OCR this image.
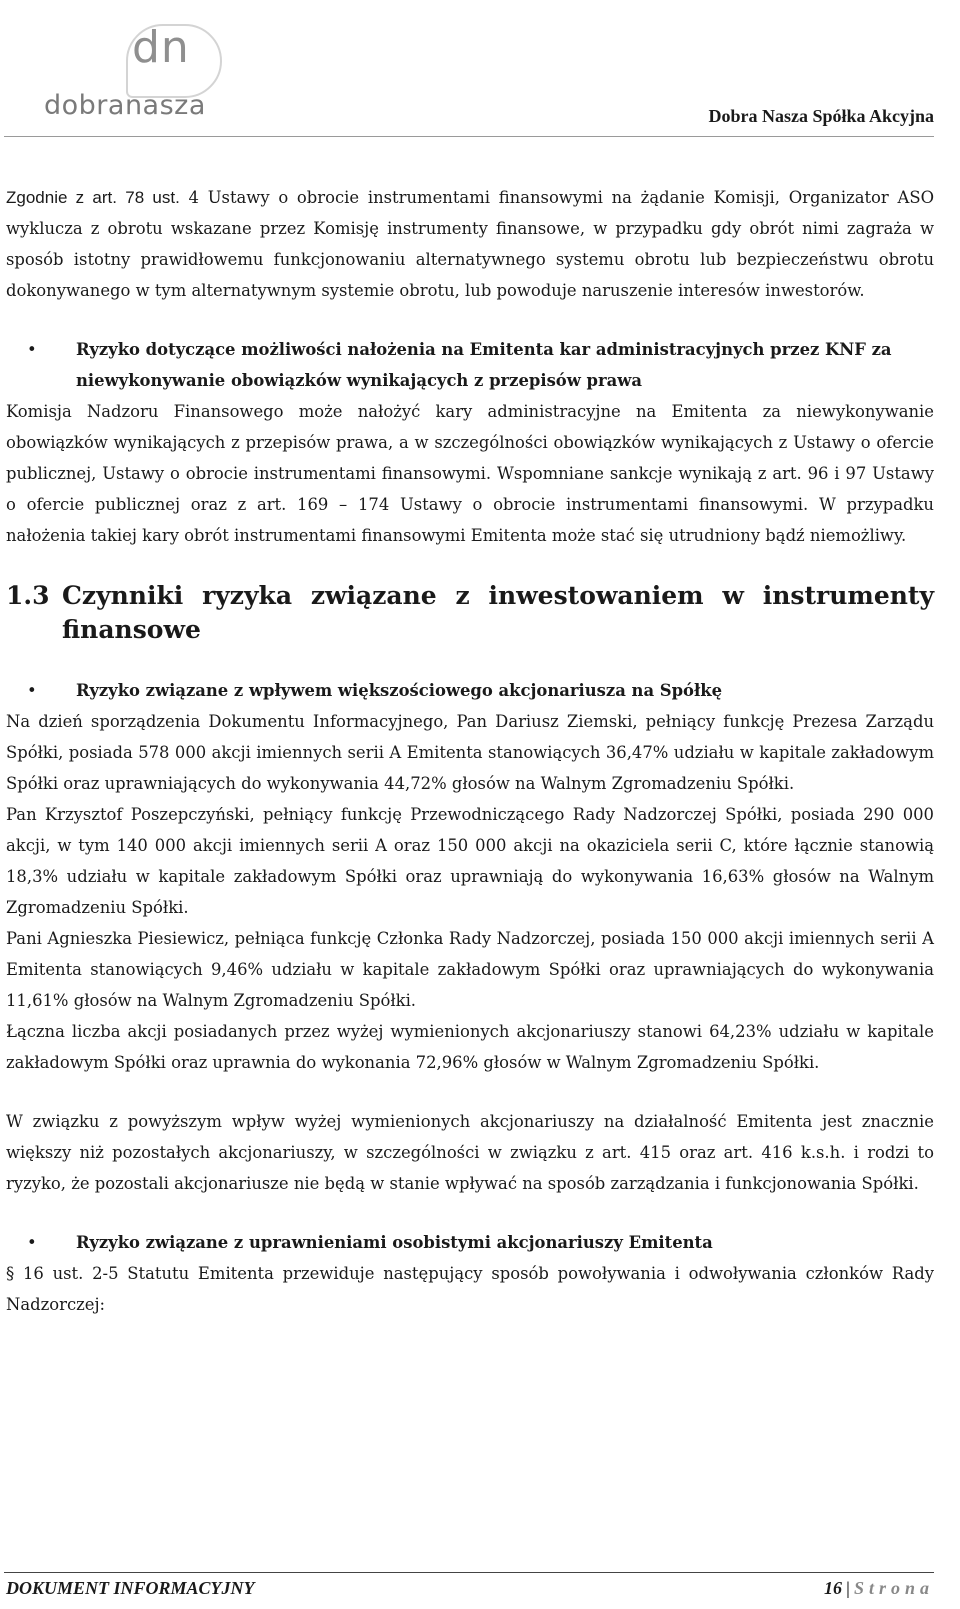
dn
dobranasza	Dobra Nasza Spółka Akcyjna

Zgodnie z art. 78 ust. 4 Ustawy o obrocie instrumentami finansowymi na żądanie Komisji, Organizator ASO wyklucza z obrotu wskazane przez Komisję instrumenty finansowe, w przypadku gdy obrót nimi zagraża w sposób istotny prawidłowemu funkcjonowaniu alternatywnego systemu obrotu lub bezpieczeństwu obrotu dokonywanego w tym alternatywnym systemie obrotu, lub powoduje naruszenie interesów inwestorów.

• Ryzyko dotyczące możliwości nałożenia na Emitenta kar administracyjnych przez KNF za niewykonywanie obowiązków wynikających z przepisów prawa

Komisja Nadzoru Finansowego może nałożyć kary administracyjne na Emitenta za niewykonywanie obowiązków wynikających z przepisów prawa, a w szczególności obowiązków wynikających z Ustawy o ofercie publicznej, Ustawy o obrocie instrumentami finansowymi. Wspomniane sankcje wynikają z art. 96 i 97 Ustawy o ofercie publicznej oraz z art. 169 – 174 Ustawy o obrocie instrumentami finansowymi. W przypadku nałożenia takiej kary obrót instrumentami finansowymi Emitenta może stać się utrudniony bądź niemożliwy.

1.3 Czynniki ryzyka związane z inwestowaniem w instrumenty finansowe

• Ryzyko związane z wpływem większościowego akcjonariusza na Spółkę

Na dzień sporządzenia Dokumentu Informacyjnego, Pan Dariusz Ziemski, pełniący funkcję Prezesa Zarządu Spółki, posiada 578 000 akcji imiennych serii A Emitenta stanowiących 36,47% udziału w kapitale zakładowym Spółki oraz uprawniających do wykonywania 44,72% głosów na Walnym Zgromadzeniu Spółki.

Pan Krzysztof Poszepczyński, pełniący funkcję Przewodniczącego Rady Nadzorczej Spółki, posiada 290 000 akcji, w tym 140 000 akcji imiennych serii A oraz 150 000 akcji na okaziciela serii C, które łącznie stanowią 18,3% udziału w kapitale zakładowym Spółki oraz uprawniają do wykonywania 16,63% głosów na Walnym Zgromadzeniu Spółki.

Pani Agnieszka Piesiewicz, pełniąca funkcję Członka Rady Nadzorczej, posiada 150 000 akcji imiennych serii A Emitenta stanowiących 9,46% udziału w kapitale zakładowym Spółki oraz uprawniających do wykonywania 11,61% głosów na Walnym Zgromadzeniu Spółki.

Łączna liczba akcji posiadanych przez wyżej wymienionych akcjonariuszy stanowi 64,23% udziału w kapitale zakładowym Spółki oraz uprawnia do wykonania 72,96% głosów w Walnym Zgromadzeniu Spółki.

W związku z powyższym wpływ wyżej wymienionych akcjonariuszy na działalność Emitenta jest znacznie większy niż pozostałych akcjonariuszy, w szczególności w związku z art. 415 oraz art. 416 k.s.h. i rodzi to ryzyko, że pozostali akcjonariusze nie będą w stanie wpływać na sposób zarządzania i funkcjonowania Spółki.

• Ryzyko związane z uprawnieniami osobistymi akcjonariuszy Emitenta

§ 16 ust. 2-5 Statutu Emitenta przewiduje następujący sposób powoływania i odwoływania członków Rady Nadzorczej:

DOKUMENT INFORMACYJNY	16 | Strona
